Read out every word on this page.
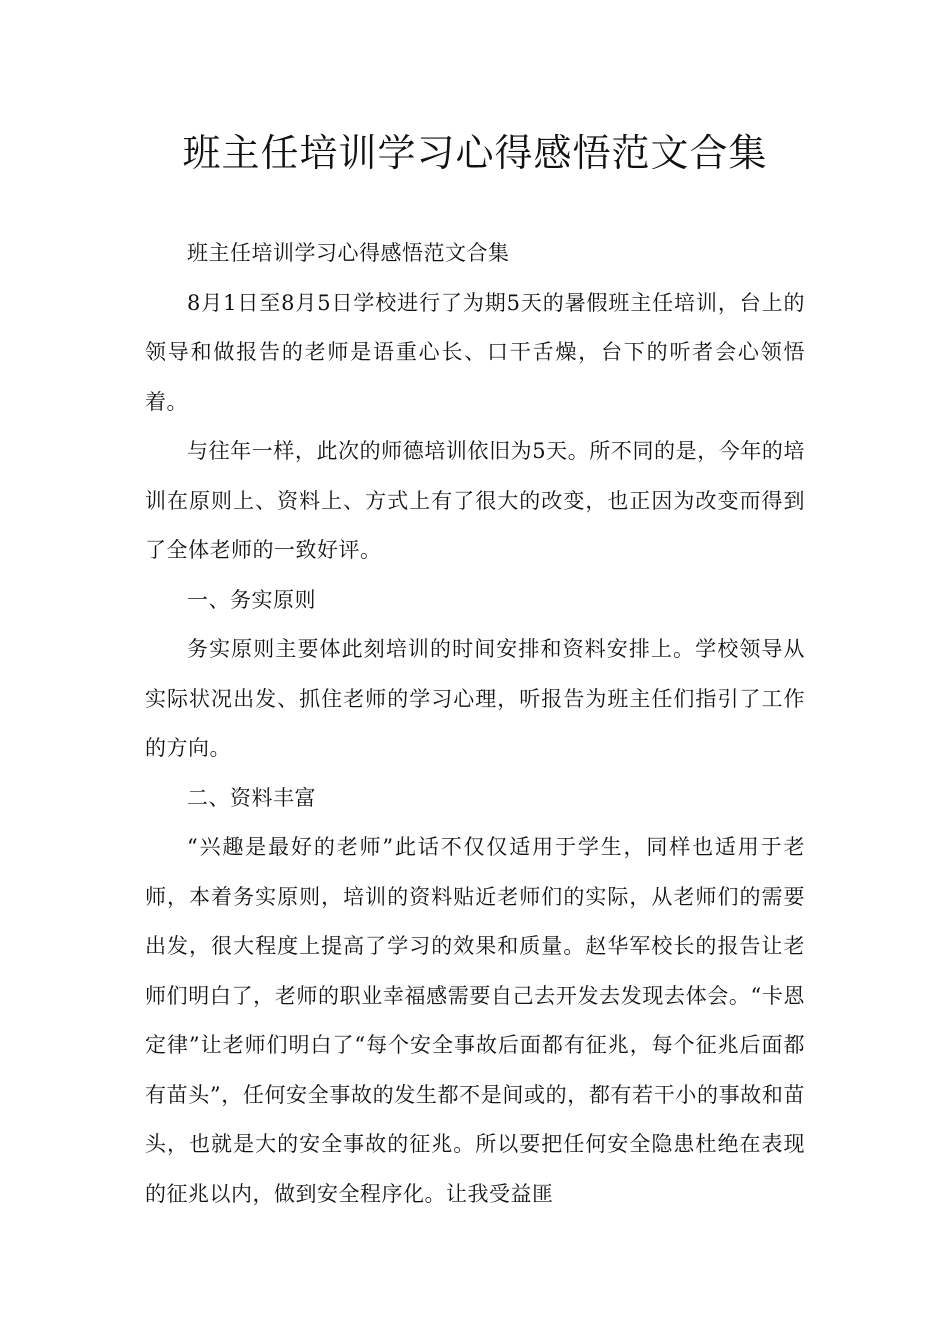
班主任培训学习心得感悟范文合集

班主任培训学习心得感悟范文合集

8月1日至8月5日学校进行了为期5天的暑假班主任培训，台上的领导和做报告的老师是语重心长、口干舌燥，台下的听者会心领悟着。

与往年一样，此次的师德培训依旧为5天。所不同的是，今年的培训在原则上、资料上、方式上有了很大的改变，也正因为改变而得到了全体老师的一致好评。

一、务实原则

务实原则主要体此刻培训的时间安排和资料安排上。学校领导从实际状况出发、抓住老师的学习心理，听报告为班主任们指引了工作的方向。

二、资料丰富

“兴趣是最好的老师”此话不仅仅适用于学生，同样也适用于老师，本着务实原则，培训的资料贴近老师们的实际，从老师们的需要出发，很大程度上提高了学习的效果和质量。赵华军校长的报告让老师们明白了，老师的职业幸福感需要自己去开发去发现去体会。“卡恩定律”让老师们明白了“每个安全事故后面都有征兆，每个征兆后面都有苗头”，任何安全事故的发生都不是间或的，都有若干小的事故和苗头，也就是大的安全事故的征兆。所以要把任何安全隐患杜绝在表现的征兆以内，做到安全程序化。让我受益匪
